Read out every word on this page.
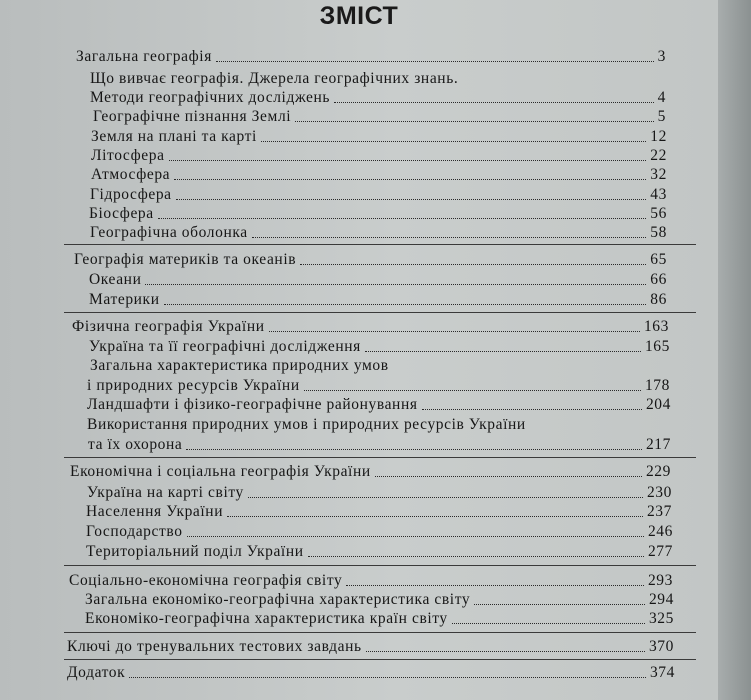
ЗМІСТ
Загальна географія	3
Що вивчає географія. Джерела географічних знань.
Методи географічних досліджень	4
Географічне пізнання Землі	5
Земля на плані та карті	12
Літосфера	22
Атмосфера	32
Гідросфера	43
Біосфера	56
Географічна оболонка	58
Географія материків та океанів	65
Океани	66
Материки	86
Фізична географія України	163
Україна та її географічні дослідження	165
Загальна характеристика природних умов
і природних ресурсів України	178
Ландшафти і фізико-географічне районування	204
Використання природних умов і природних ресурсів України
та їх охорона	217
Економічна і соціальна географія України	229
Україна на карті світу	230
Населення України	237
Господарство	246
Територіальний поділ України	277
Соціально-економічна географія світу	293
Загальна економіко-географічна характеристика світу	294
Економіко-географічна характеристика країн світу	325
Ключі до тренувальних тестових завдань	370
Додаток	374
